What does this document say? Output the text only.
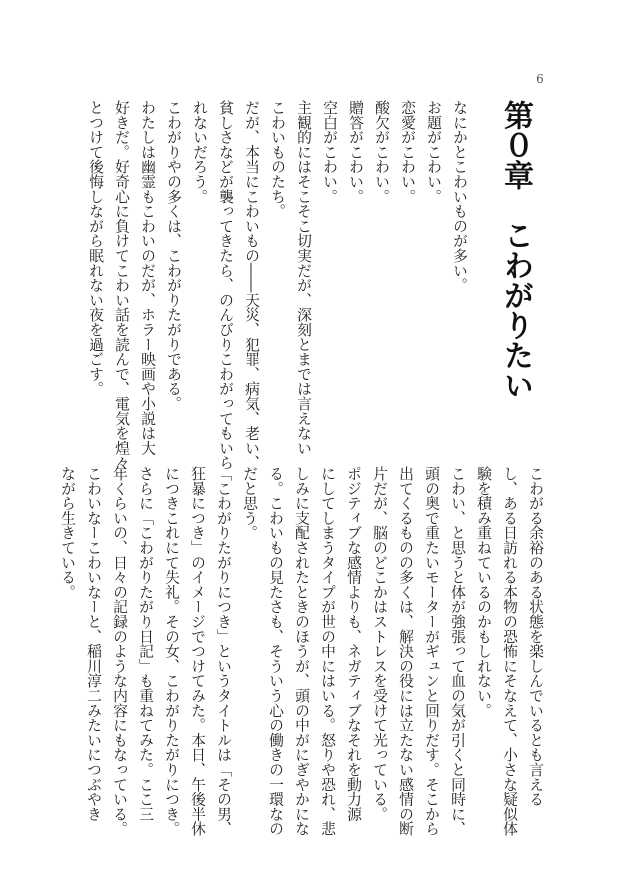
6
第０章　こわがりたい
なにかとこわいものが多い。
お題がこわい。
恋愛がこわい。
酸欠がこわい。
贈答がこわい。
空白がこわい。
主観的にはそこそこ切実だが、深刻とまでは言えない
こわいものたち。
だが、本当にこわいもの――天災、犯罪、病気、老い、
貧しさなどが襲ってきたら、のんびりこわがってもいら
れないだろう。
こわがりやの多くは、こわがりたがりである。
わたしは幽霊もこわいのだが、ホラー映画や小説は大
好きだ。好奇心に負けてこわい話を読んで、電気を煌々
とつけて後悔しながら眠れない夜を過ごす。
こわがる余裕のある状態を楽しんでいるとも言える
し、ある日訪れる本物の恐怖にそなえて、小さな疑似体
験を積み重ねているのかもしれない。
こわい、と思うと体が強張って血の気が引くと同時に、
頭の奥で重たいモーターがギュンと回りだす。そこから
出てくるものの多くは、解決の役には立たない感情の断
片だが、脳のどこかはストレスを受けて光っている。
ポジティブな感情よりも、ネガティブなそれを動力源
にしてしまうタイプが世の中にはいる。怒りや恐れ、悲
しみに支配されたときのほうが、頭の中がにぎやかにな
る。こわいもの見たさも、そういう心の働きの一環なの
だと思う。
「こわがりたがりにつき」というタイトルは「その男、
狂暴につき」のイメージでつけてみた。本日、午後半休
につきこれにて失礼。その女、こわがりたがりにつき。
さらに「こわがりたがり日記」も重ねてみた。ここ三
年くらいの、日々の記録のような内容にもなっている。
こわいなーこわいなーと、稲川淳二みたいにつぶやき
ながら生きている。
